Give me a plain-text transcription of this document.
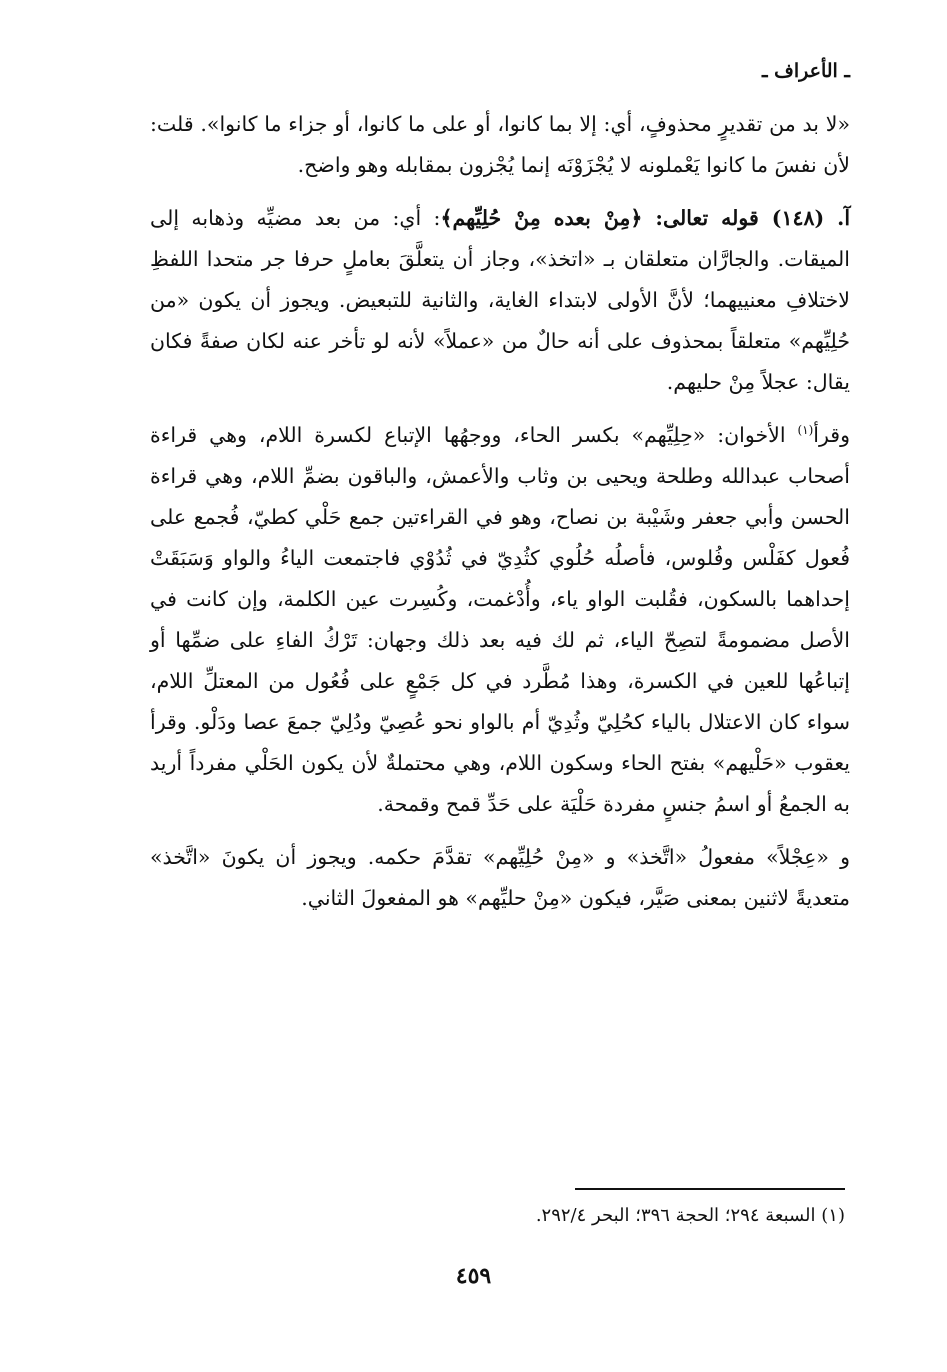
ـ الأعراف ـ

«لا بد من تقديرٍ محذوفٍ، أي: إلا بما كانوا، أو على ما كانوا، أو جزاء ما كانوا». قلت: لأن نفسَ ما كانوا يَعْملونه لا يُجْزَوْنَه إنما يُجْزون بمقابله وهو واضح.

آ. (١٤٨) قوله تعالى: ﴿مِنْ بعده مِنْ حُلِيِّهم﴾: أي: من بعد مضيِّه وذهابه إلى الميقات. والجارَّان متعلقان بـ «اتخذ»، وجاز أن يتعلَّقَ بعاملٍ حرفا جر متحدا اللفظِ لاختلافِ معنييهما؛ لأنَّ الأولى لابتداء الغاية، والثانية للتبعيض. ويجوز أن يكون «من حُلِيِّهم» متعلقاً بمحذوف على أنه حالٌ من «عملاً» لأنه لو تأخر عنه لكان صفةً فكان يقال: عجلاً مِنْ حليهم.

وقرأ$^{(١)}$ الأخوان: «حِلِيِّهم» بكسر الحاء، ووجهُها الإتباع لكسرة اللام، وهي قراءة أصحاب عبدالله وطلحة ويحيى بن وثاب والأعمش، والباقون بضمِّ اللام، وهي قراءة الحسن وأبي جعفر وشَيْبة بن نصاح، وهو في القراءتين جمع حَلْي كطيّ، فُجمع على فُعول كفَلْس وفُلوس، فأصلُه حُلُوي كثُدِيّ في ثُدُوْي فاجتمعت الياءُ والواو وَسَبَقَتْ إحداهما بالسكون، فقُلبت الواو ياء، وأُدْغمت، وكُسِرت عين الكلمة، وإن كانت في الأصل مضمومةً لتصِحّ الياء، ثم لك فيه بعد ذلك وجهان: تَرْكُ الفاءِ على ضمِّها أو إتباعُها للعين في الكسرة، وهذا مُطَّرد في كل جَمْعٍ على فُعُول من المعتلِّ اللام، سواء كان الاعتلال بالياء كحُلِيّ وثُدِيّ أم بالواو نحو عُصِيّ ودُلِيّ جمعَ عصا ودَلْو. وقرأ يعقوب «حَلْيهم» بفتح الحاء وسكون اللام، وهي محتملةٌ لأن يكون الحَلْي مفرداً أريد به الجمعُ أو اسمُ جنسٍ مفردة حَلْيَة على حَدِّ قمح وقمحة.

و «عِجْلاً» مفعولُ «اتَّخذ» و «مِنْ حُلِيِّهم» تقدَّمَ حكمه. ويجوز أن يكونَ «اتَّخذ» متعديةً لاثنين بمعنى صَيَّر، فيكون «مِنْ حليِّهم» هو المفعولَ الثاني.

(١) السبعة ٢٩٤؛ الحجة ٣٩٦؛ البحر ٢٩٢/٤.
٤٥٩
